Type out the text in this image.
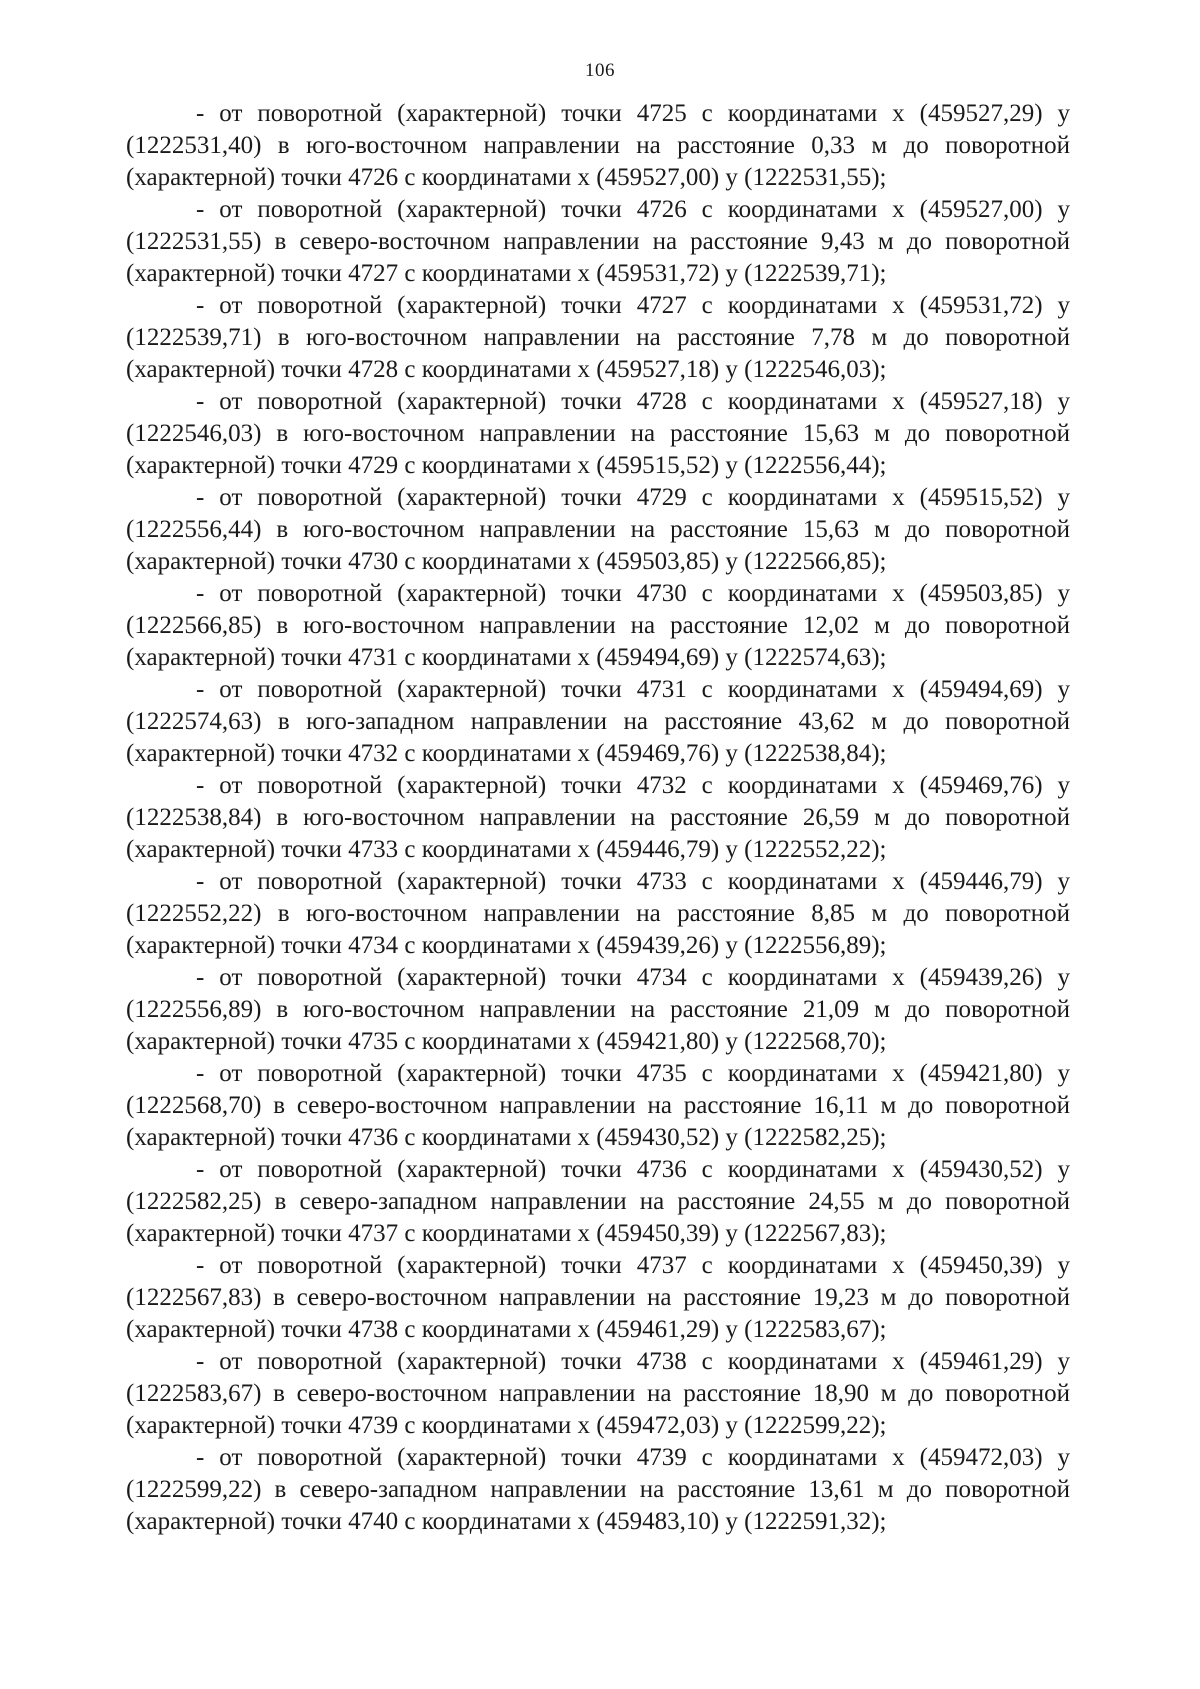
106

- от поворотной (характерной) точки 4725 с координатами x (459527,29) y (1222531,40) в юго-восточном направлении на расстояние 0,33 м до поворотной (характерной) точки 4726 с координатами x (459527,00) y (1222531,55);

- от поворотной (характерной) точки 4726 с координатами x (459527,00) y (1222531,55) в северо-восточном направлении на расстояние 9,43 м до поворотной (характерной) точки 4727 с координатами x (459531,72) y (1222539,71);

- от поворотной (характерной) точки 4727 с координатами x (459531,72) y (1222539,71) в юго-восточном направлении на расстояние 7,78 м до поворотной (характерной) точки 4728 с координатами x (459527,18) y (1222546,03);

- от поворотной (характерной) точки 4728 с координатами x (459527,18) y (1222546,03) в юго-восточном направлении на расстояние 15,63 м до поворотной (характерной) точки 4729 с координатами x (459515,52) y (1222556,44);

- от поворотной (характерной) точки 4729 с координатами x (459515,52) y (1222556,44) в юго-восточном направлении на расстояние 15,63 м до поворотной (характерной) точки 4730 с координатами x (459503,85) y (1222566,85);

- от поворотной (характерной) точки 4730 с координатами x (459503,85) y (1222566,85) в юго-восточном направлении на расстояние 12,02 м до поворотной (характерной) точки 4731 с координатами x (459494,69) y (1222574,63);

- от поворотной (характерной) точки 4731 с координатами x (459494,69) y (1222574,63) в юго-западном направлении на расстояние 43,62 м до поворотной (характерной) точки 4732 с координатами x (459469,76) y (1222538,84);

- от поворотной (характерной) точки 4732 с координатами x (459469,76) y (1222538,84) в юго-восточном направлении на расстояние 26,59 м до поворотной (характерной) точки 4733 с координатами x (459446,79) y (1222552,22);

- от поворотной (характерной) точки 4733 с координатами x (459446,79) y (1222552,22) в юго-восточном направлении на расстояние 8,85 м до поворотной (характерной) точки 4734 с координатами x (459439,26) y (1222556,89);

- от поворотной (характерной) точки 4734 с координатами x (459439,26) y (1222556,89) в юго-восточном направлении на расстояние 21,09 м до поворотной (характерной) точки 4735 с координатами x (459421,80) y (1222568,70);

- от поворотной (характерной) точки 4735 с координатами x (459421,80) y (1222568,70) в северо-восточном направлении на расстояние 16,11 м до поворотной (характерной) точки 4736 с координатами x (459430,52) y (1222582,25);

- от поворотной (характерной) точки 4736 с координатами x (459430,52) y (1222582,25) в северо-западном направлении на расстояние 24,55 м до поворотной (характерной) точки 4737 с координатами x (459450,39) y (1222567,83);

- от поворотной (характерной) точки 4737 с координатами x (459450,39) y (1222567,83) в северо-восточном направлении на расстояние 19,23 м до поворотной (характерной) точки 4738 с координатами x (459461,29) y (1222583,67);

- от поворотной (характерной) точки 4738 с координатами x (459461,29) y (1222583,67) в северо-восточном направлении на расстояние 18,90 м до поворотной (характерной) точки 4739 с координатами x (459472,03) y (1222599,22);

- от поворотной (характерной) точки 4739 с координатами x (459472,03) y (1222599,22) в северо-западном направлении на расстояние 13,61 м до поворотной (характерной) точки 4740 с координатами x (459483,10) y (1222591,32);
